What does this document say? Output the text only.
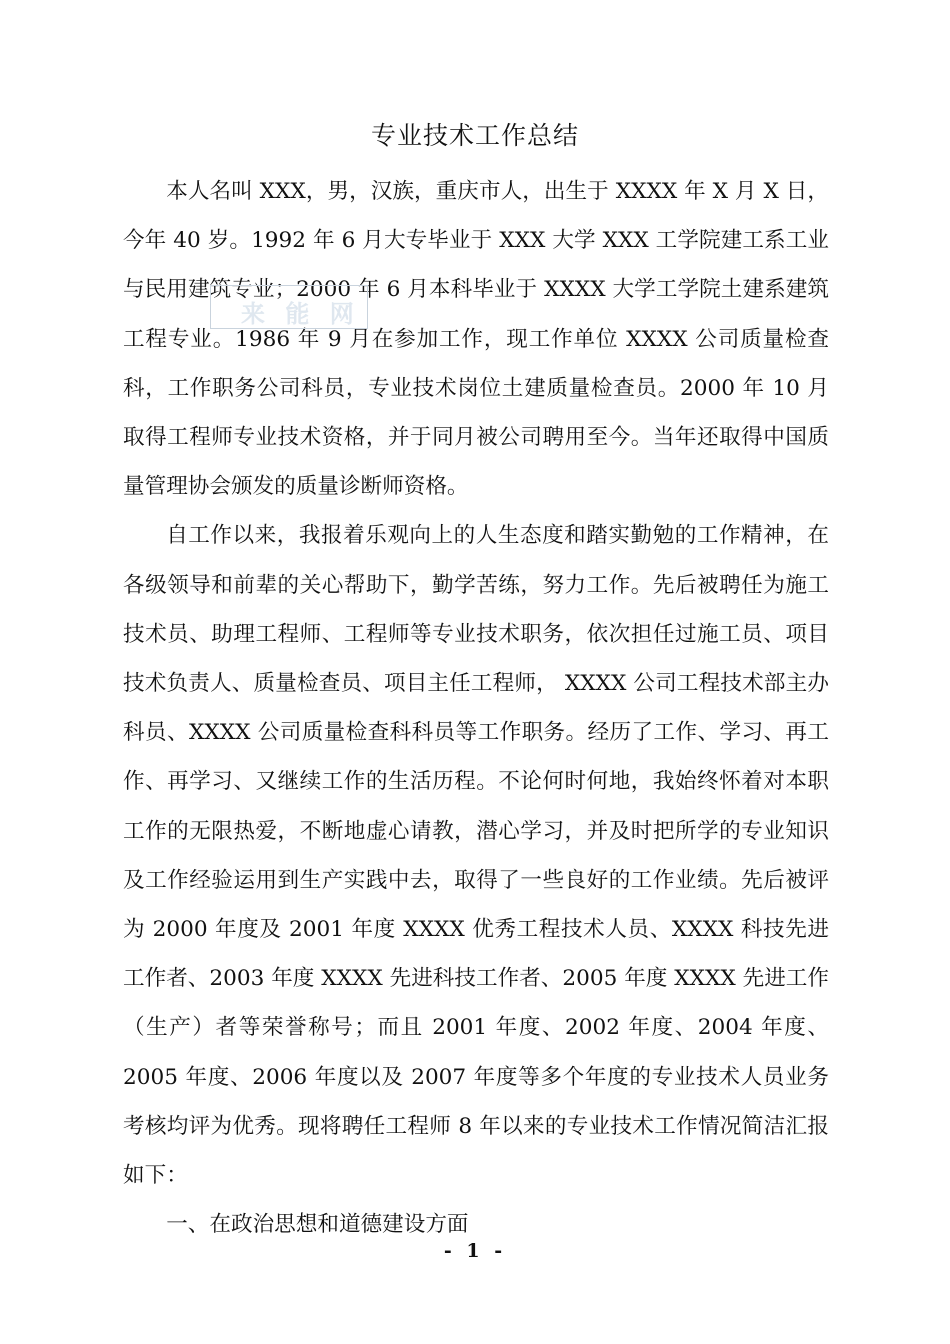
专业技术工作总结

本人名叫 XXX，男，汉族，重庆市人，出生于 XXXX 年 X 月 X 日，今年 40 岁。1992 年 6 月大专毕业于 XXX 大学 XXX 工学院建工系工业与民用建筑专业；2000 年 6 月本科毕业于 XXXX 大学工学院土建系建筑工程专业。1986 年 9 月在参加工作，现工作单位 XXXX 公司质量检查科，工作职务公司科员，专业技术岗位土建质量检查员。2000 年 10 月取得工程师专业技术资格，并于同月被公司聘用至今。当年还取得中国质量管理协会颁发的质量诊断师资格。

自工作以来，我报着乐观向上的人生态度和踏实勤勉的工作精神，在各级领导和前辈的关心帮助下，勤学苦练，努力工作。先后被聘任为施工技术员、助理工程师、工程师等专业技术职务，依次担任过施工员、项目技术负责人、质量检查员、项目主任工程师， XXXX 公司工程技术部主办科员、XXXX 公司质量检查科科员等工作职务。经历了工作、学习、再工作、再学习、又继续工作的生活历程。不论何时何地，我始终怀着对本职工作的无限热爱，不断地虚心请教，潜心学习，并及时把所学的专业知识及工作经验运用到生产实践中去，取得了一些良好的工作业绩。先后被评为 2000 年度及 2001 年度 XXXX 优秀工程技术人员、XXXX 科技先进工作者、2003 年度 XXXX 先进科技工作者、2005 年度 XXXX 先进工作（生产）者等荣誉称号；而且 2001 年度、2002 年度、2004 年度、2005 年度、2006 年度以及 2007 年度等多个年度的专业技术人员业务考核均评为优秀。现将聘任工程师 8 年以来的专业技术工作情况简洁汇报如下：

一、在政治思想和道德建设方面

来 能 网
- 1 -
